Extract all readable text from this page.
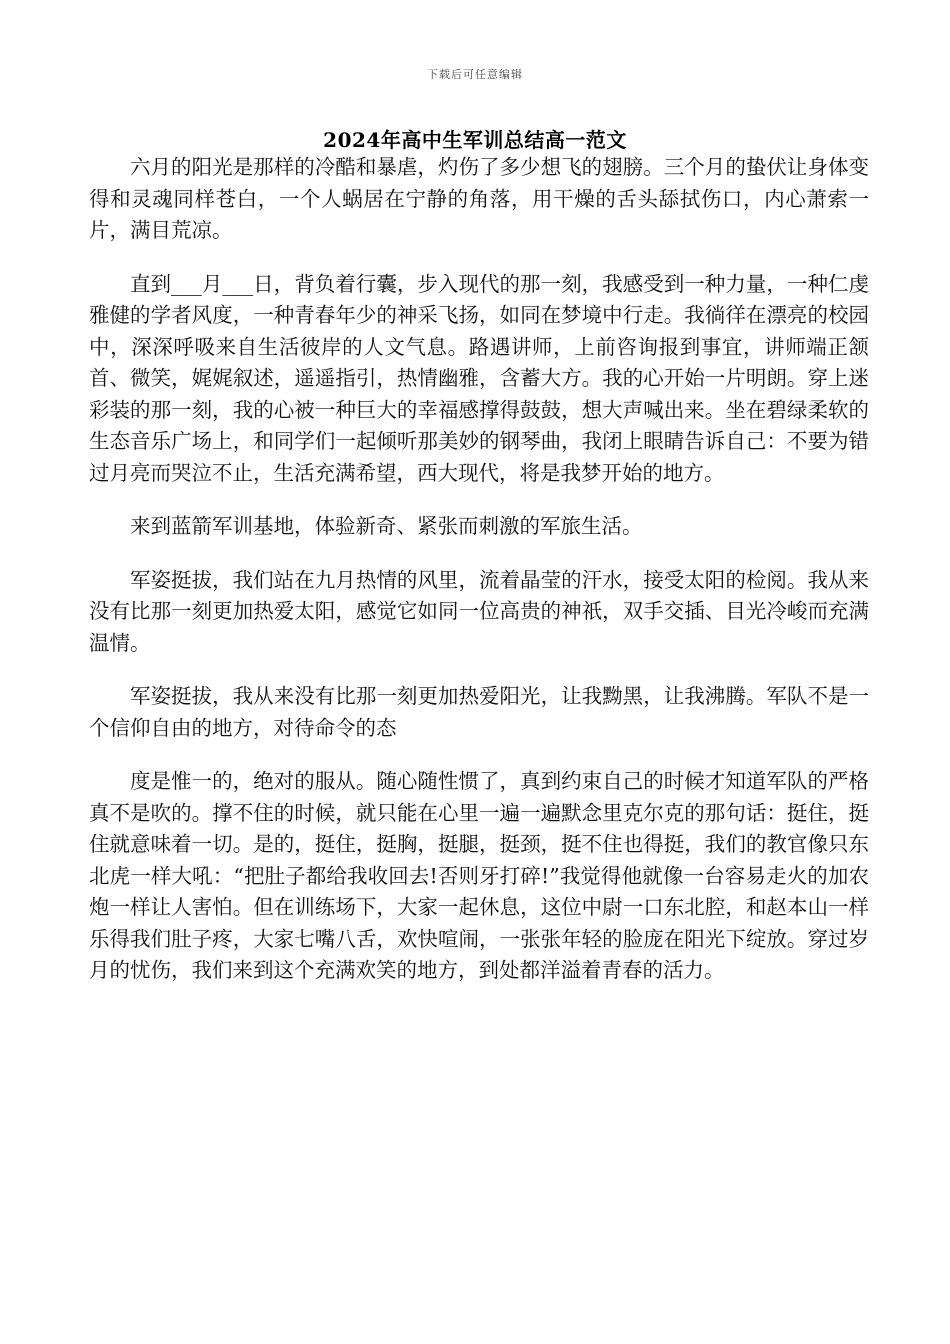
下载后可任意编辑
2024年高中生军训总结高一范文

六月的阳光是那样的冷酷和暴虐，灼伤了多少想飞的翅膀。三个月的蛰伏让身体变得和灵魂同样苍白，一个人蜗居在宁静的角落，用干燥的舌头舔拭伤口，内心萧索一片，满目荒凉。

直到___月___日，背负着行囊，步入现代的那一刻，我感受到一种力量，一种仁虔雅健的学者风度，一种青春年少的神采飞扬，如同在梦境中行走。我徜徉在漂亮的校园中，深深呼吸来自生活彼岸的人文气息。路遇讲师，上前咨询报到事宜，讲师端正颔首、微笑，娓娓叙述，遥遥指引，热情幽雅，含蓄大方。我的心开始一片明朗。穿上迷彩装的那一刻，我的心被一种巨大的幸福感撑得鼓鼓，想大声喊出来。坐在碧绿柔软的生态音乐广场上，和同学们一起倾听那美妙的钢琴曲，我闭上眼睛告诉自己：不要为错过月亮而哭泣不止，生活充满希望，西大现代，将是我梦开始的地方。

来到蓝箭军训基地，体验新奇、紧张而刺激的军旅生活。

军姿挺拔，我们站在九月热情的风里，流着晶莹的汗水，接受太阳的检阅。我从来没有比那一刻更加热爱太阳，感觉它如同一位高贵的神祇，双手交插、目光冷峻而充满温情。

军姿挺拔，我从来没有比那一刻更加热爱阳光，让我黝黑，让我沸腾。军队不是一个信仰自由的地方，对待命令的态

度是惟一的，绝对的服从。随心随性惯了，真到约束自己的时候才知道军队的严格真不是吹的。撑不住的时候，就只能在心里一遍一遍默念里克尔克的那句话：挺住，挺住就意味着一切。是的，挺住，挺胸，挺腿，挺颈，挺不住也得挺，我们的教官像只东北虎一样大吼：“把肚子都给我收回去!否则牙打碎!”我觉得他就像一台容易走火的加农炮一样让人害怕。但在训练场下，大家一起休息，这位中尉一口东北腔，和赵本山一样乐得我们肚子疼，大家七嘴八舌，欢快喧闹，一张张年轻的脸庞在阳光下绽放。穿过岁月的忧伤，我们来到这个充满欢笑的地方，到处都洋溢着青春的活力。
